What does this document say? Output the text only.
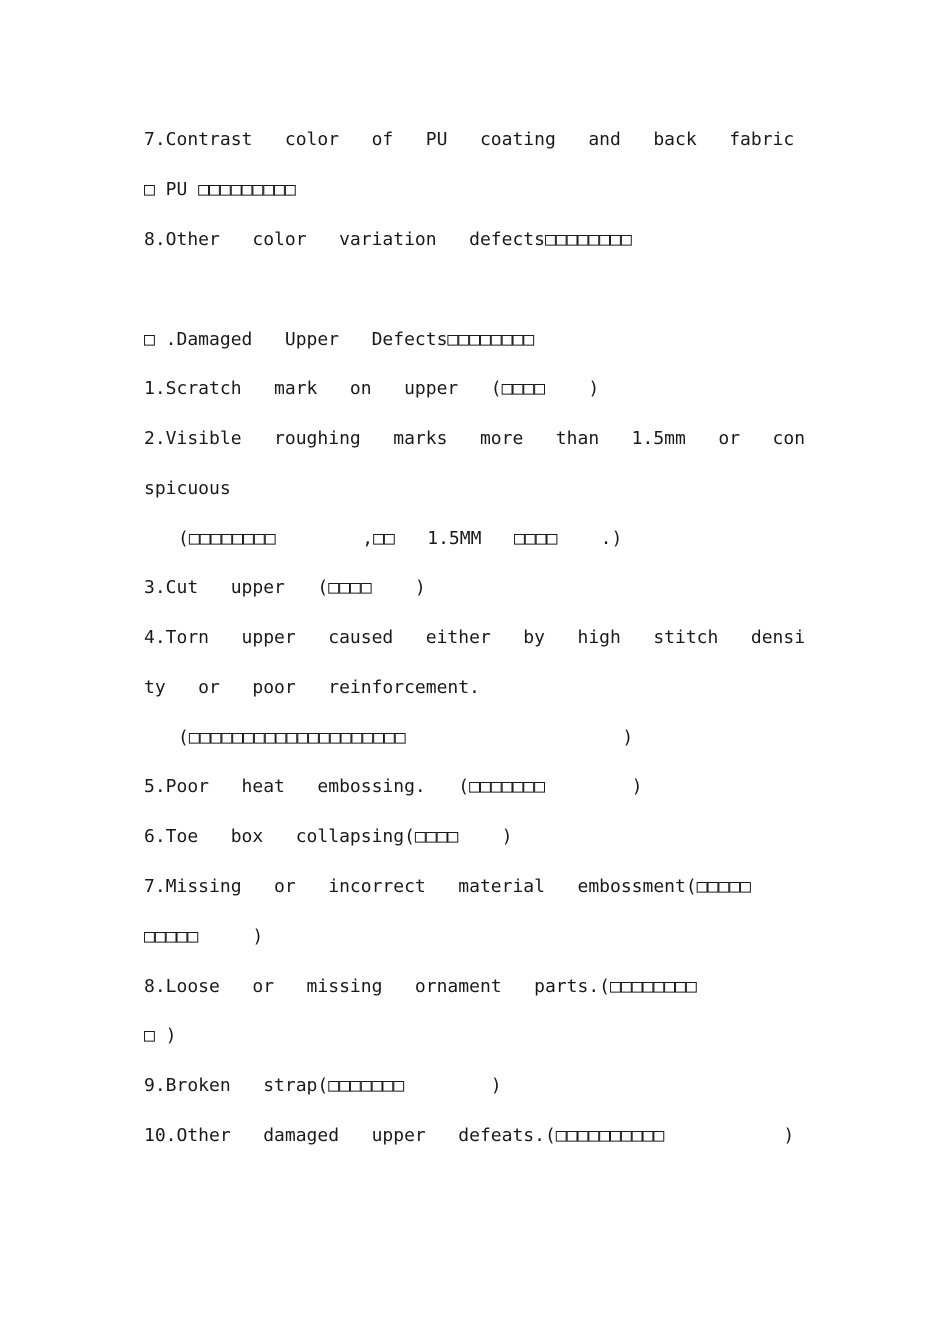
7.Contrast   color   of   PU   coating   and   back   fabric
□ PU □□□□□□□□□
8.Other   color   variation   defects□□□□□□□□
□ .Damaged   Upper   Defects□□□□□□□□
1.Scratch   mark   on   upper   (□□□□    )
2.Visible   roughing   marks   more   than   1.5mm   or   con
spicuous
(□□□□□□□□        ,□□   1.5MM   □□□□    .)
3.Cut   upper   (□□□□    )
4.Torn   upper   caused   either   by   high   stitch   densi
ty   or   poor   reinforcement.
(□□□□□□□□□□□□□□□□□□□□                    )
5.Poor   heat   embossing.   (□□□□□□□        )
6.Toe   box   collapsing(□□□□    )
7.Missing   or   incorrect   material   embossment(□□□□□
□□□□□     )
8.Loose   or   missing   ornament   parts.(□□□□□□□□
□ )
9.Broken   strap(□□□□□□□        )
10.Other   damaged   upper   defeats.(□□□□□□□□□□           )
